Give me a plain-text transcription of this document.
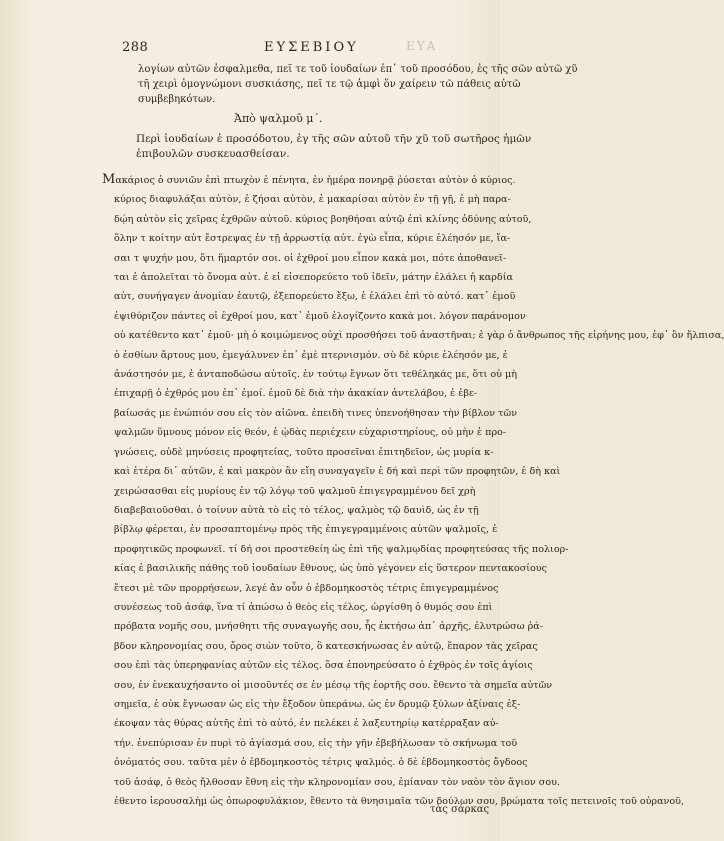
288	ΕΥΣΕΒΙΟΥ	ΕΥΑ
λογίων αὐτῶν ἐσφαλμεθα, πεῖ τε τοῦ ἰουδαίων ἐπ᾽ τοῦ προσόδου, ἐς τῆς σῶν αὐτῶ χῦ
τῆ χειρὶ ὁμογνώμονι συσκιάσης, πεῖ τε τῷ ἀμφὶ ὅν χαίρειν τῶ πάθεις αὐτῶ
συμβεβηκότων.
Ἀπὸ ψαλμοῦ μ΄.
Περὶ ἰουδαίων ἐ προσόδοτου, ἐγ τῆς σῶν αὐτοῦ τῆν χῦ τοῦ σωτῆρος ἡμῶν
ἐπιβουλῶν συσκευασθείσαν.
Μακάριος ὁ συνιῶν ἐπὶ πτωχὸν ἐ πένητα, ἐν ἡμέρα πονηρᾷ ῥύσεται αὐτὸν ὁ κύριος.
κύριος διαφυλάξαι αὐτὸν, ἐ ζήσαι αὐτὸν, ἐ μακαρίσαι αὐτὸν ἐν τῇ γῇ, ἐ μὴ παρα-
δῴη αὐτὸν εἰς χεῖρας ἐχθρῶν αὐτοῦ. κύριος βοηθήσαι αὐτῷ ἐπὶ κλίνης ὀδύνης αὐτοῦ,
ὅλην τ κοίτην αὐτ ἔστρεψας ἐν τῇ ἀρρωστίᾳ αὐτ. ἐγὼ εἶπα, κύριε ἐλέησόν με, ἴα-
σαι τ ψυχήν μου, ὅτι ἥμαρτόν σοι. οἱ ἐχθροί μου εἶπον κακὰ μοι, πότε ἀποθανεῖ-
ται ἐ ἀπολεῖται τὸ ὄνομα αὐτ. ἐ εἰ εἰσεπορεύετο τοῦ ἰδεῖν, μάτην ἐλάλει ἡ καρδία
αὐτ, συνήγαγεν ἀνομίαν ἑαυτῷ, ἐξεπορεύετο ἔξω, ἐ ἐλάλει ἐπὶ τὸ αὐτό. κατ᾽ ἐμοῦ
ἐψιθύριζον πάντες οἱ ἐχθροί μου, κατ᾽ ἐμοῦ ἐλογίζοντο κακὰ μοι. λόγον παράνομον
οὐ κατέθεντο κατ᾽ ἐμοῦ· μὴ ὁ κοιμώμενος οὐχὶ προσθήσει τοῦ ἀναστῆναι; ἐ γὰρ ὁ ἄνθρωπος τῆς εἰρήνης μου, ἐφ᾽ ὃν ἤλπισα,
ὁ ἐσθίων ἄρτους μου, ἐμεγάλυνεν ἐπ᾽ ἐμὲ πτερνισμόν. σὺ δὲ κύριε ἐλέησόν με, ἐ
ἀνάστησόν με, ἐ ἀνταποδώσω αὐτοῖς. ἐν τούτῳ ἔγνων ὅτι τεθέληκάς με, ὅτι οὐ μὴ
ἐπιχαρῇ ὁ ἐχθρός μου ἐπ᾽ ἐμοί. ἐμοῦ δὲ διὰ τὴν ἀκακίαν ἀντελάβου, ἐ ἐβε-
βαίωσάς με ἐνώπιόν σου εἰς τὸν αἰῶνα. ἐπειδὴ τινες ὑπενοήθησαν τὴν βίβλον τῶν
ψαλμῶν ὕμνους μόνον εἰς θεόν, ἐ ᾠδὰς περιέχειν εὐχαριστηρίους, οὐ μὴν ἐ προ-
γνώσεις, οὐδὲ μηνύσεις προφητείας, τοῦτο προσεῖναι ἐπιτηδεῖον, ὡς μυρία κ-
καὶ ἑτέρα δι᾽ αὐτῶν, ἐ καὶ μακρὸν ἂν εἴη συναγαγεῖν ἐ δή καὶ περὶ τῶν προφητῶν, ἐ δὴ καὶ
χειρώσασθαι εἰς μυρίους ἐν τῷ λόγῳ τοῦ ψαλμοῦ ἐπιγεγραμμένου δεῖ χρὴ
διαβεβαιοῦσθαι. ὁ τοίνυν αὐτὰ τὸ εἰς τὸ τέλος, ψαλμὸς τῷ δαυὶδ, ὡς ἐν τῇ
βίβλῳ φέρεται, ἐν προσαπτομένῳ πρὸς τῆς ἐπιγεγραμμένοις αὐτῶν ψαλμοῖς, ἐ
προφητικῶς προφωνεῖ. τί δή σοι προστεθείη ὡς ἐπὶ τῆς ψαλμῳδίας προφητεύσας τῆς πολιορ-
κίας ἐ βασιλικῆς πάθης τοῦ ἰουδαίων ἔθνους, ὡς ὑπὸ γέγονεν εἰς ὕστερον πεντακοσίους
ἔτεσι μὲ τῶν προρρήσεων, λεγέ ἄν οὖν ὁ ἑβδομηκοστὸς τέτρις ἐπιγεγραμμένος
συνέσεως τοῦ ἀσάφ, ἵνα τί ἀπώσω ὁ θεὸς εἰς τέλος, ὠργίσθη ὁ θυμός σου ἐπὶ
πρόβατα νομῆς σου, μνήσθητι τῆς συναγωγῆς σου, ἧς ἐκτήσω ἀπ᾽ ἀρχῆς, ἐλυτρώσω ῥά-
βδον κληρονομίας σου, ὄρος σιὼν τοῦτο, ὃ κατεσκήνωσας ἐν αὐτῷ, ἔπαρον τὰς χεῖρας
σου ἐπὶ τὰς ὑπερηφανίας αὐτῶν εἰς τέλος. ὅσα ἐπονηρεύσατο ὁ ἐχθρὸς ἐν τοῖς ἁγίοις
σου, ἐν ἐνεκαυχήσαντο οἱ μισοῦντές σε ἐν μέσῳ τῆς ἑορτῆς σου. ἔθεντο τὰ σημεῖα αὐτῶν
σημεῖα, ἐ οὐκ ἔγνωσαν ὡς εἰς τὴν ἔξοδον ὑπεράνω. ὡς ἐν δρυμῷ ξύλων ἀξίναις ἐξ-
έκοψαν τὰς θύρας αὐτῆς ἐπὶ τὸ αὐτό, ἐν πελέκει ἐ λαξευτηρίῳ κατέρραξαν αὐ-
τήν. ἐνεπύρισαν ἐν πυρὶ τὸ ἁγίασμά σου, εἰς τὴν γῆν ἐβεβήλωσαν τὸ σκήνωμα τοῦ
ὀνόματός σου. ταῦτα μὲν ὁ ἑβδομηκοστὸς τέτρις ψαλμός. ὁ δὲ ἑβδομηκοστὸς ὄγδοος
τοῦ ἀσάφ, ὁ θεὸς ἤλθοσαν ἔθνη εἰς τὴν κληρονομίαν σου, ἐμίαναν τὸν ναὸν τὸν ἅγιον σου.
ἐθεντο ἰερουσαλὴμ ὡς ὀπωροφυλάκιον, ἔθεντο τὰ θνησιμαῖα τῶν δούλων σου, βρώματα τοῖς πετεινοῖς τοῦ οὐρανοῦ,
τὰς σάρκας
